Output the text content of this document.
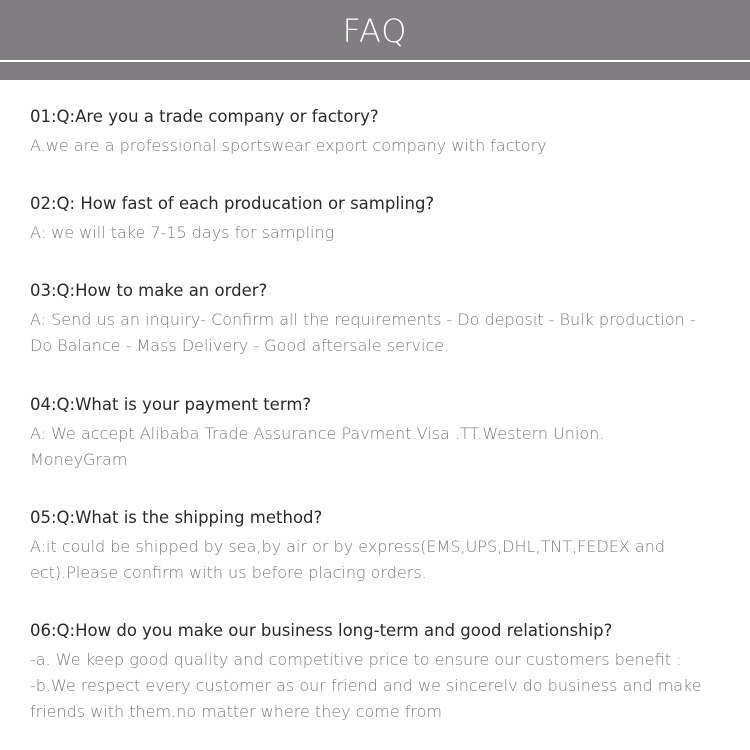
FAQ
01:Q:Are you a trade company or factory?
A.we are a professional sportswear export company with factory
02:Q: How fast of each producation or sampling?
A: we will take 7-15 days for sampling
03:Q:How to make an order?
A: Send us an inquiry- Confirm all the requirements - Do deposit - Bulk production -
Do Balance - Mass Delivery - Good aftersale service.
04:Q:What is your payment term?
A: We accept Alibaba Trade Assurance Pavment.Visa .TT.Western Union.
MoneyGram
05:Q:What is the shipping method?
A:it could be shipped by sea,by air or by express(EMS,UPS,DHL,TNT,FEDEX and
ect).Please confirm with us before placing orders.
06:Q:How do you make our business long-term and good relationship?
-a. We keep good quality and competitive price to ensure our customers benefit :
-b.We respect every customer as our friend and we sincerelv do business and make
friends with them.no matter where they come from
